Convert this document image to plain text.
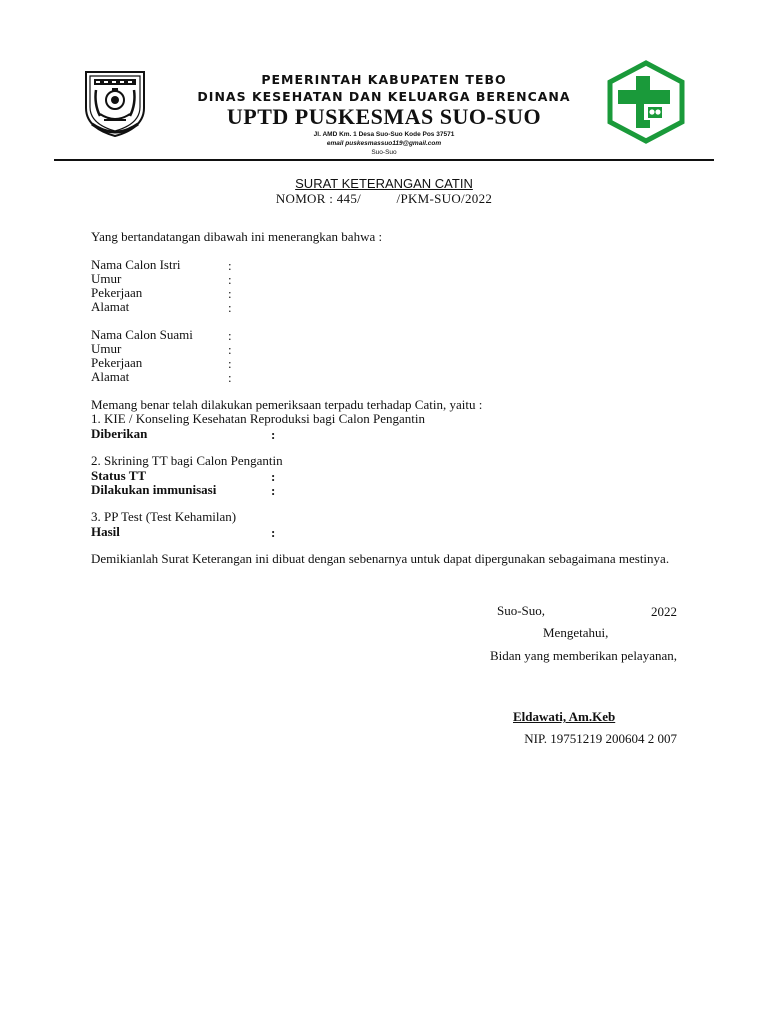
PEMERINTAH KABUPATEN TEBO
DINAS KESEHATAN DAN KELUARGA BERENCANA
UPTD PUSKESMAS SUO-SUO
Jl. AMD Km. 1 Desa Suo-Suo Kode Pos 37571
email puskesmassuo119@gmail.com
Suo-Suo
SURAT KETERANGAN CATIN
NOMOR : 445/          /PKM-SUO/2022
Yang bertandatangan dibawah ini menerangkan bahwa :
Nama Calon Istri	:
Umur	:
Pekerjaan	:
Alamat	:
Nama Calon Suami	:
Umur	:
Pekerjaan	:
Alamat	:
Memang benar telah dilakukan pemeriksaan terpadu terhadap Catin, yaitu :
1. KIE / Konseling Kesehatan Reproduksi bagi Calon Pengantin
Diberikan	:
2. Skrining TT bagi Calon Pengantin
Status TT	:
Dilakukan immunisasi	:
3. PP Test (Test Kehamilan)
Hasil	:
Demikianlah Surat Keterangan ini dibuat dengan sebenarnya untuk dapat dipergunakan sebagaimana mestinya.
Suo-Suo,	2022
Mengetahui,
Bidan yang memberikan pelayanan,
Eldawati, Am.Keb
NIP. 19751219 200604 2 007
